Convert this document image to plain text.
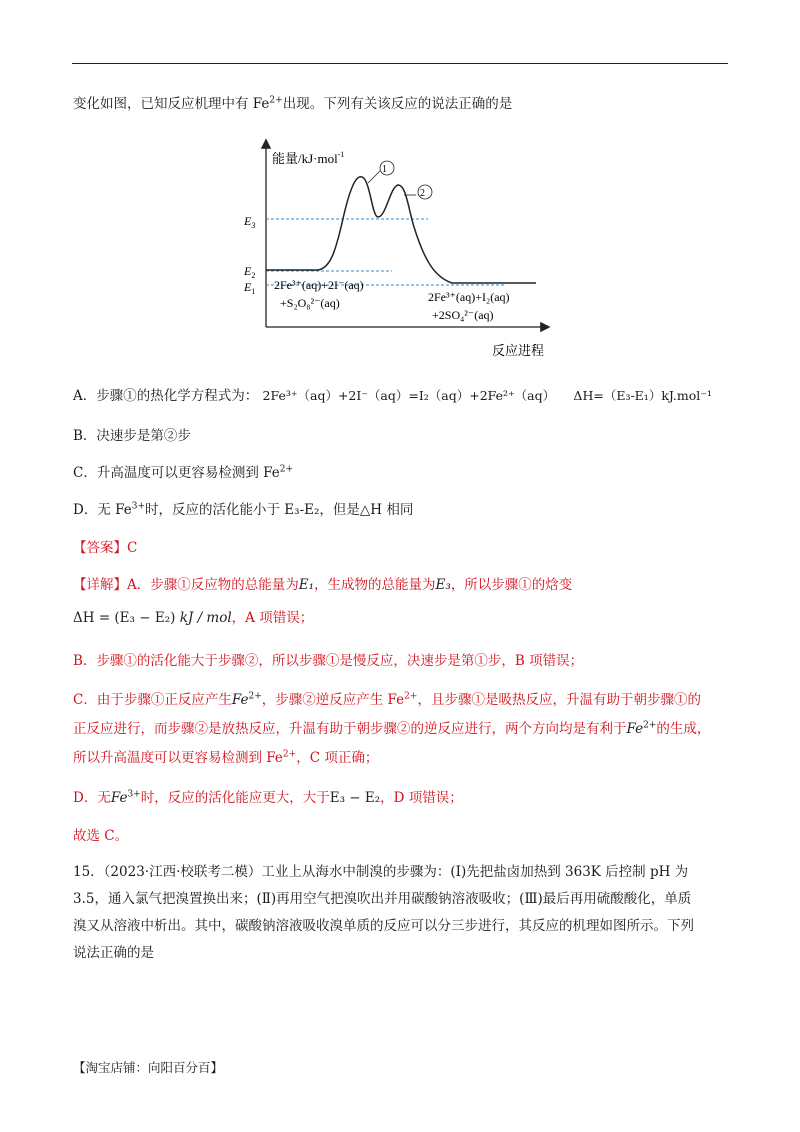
变化如图，已知反应机理中有 $Fe^{2+}$出现。下列有关该反应的说法正确的是
能量/kJ·mol$^{-1}$
反应进程
$E_3$
$E_2$
$E_1$
1
2
2Fe³⁺(aq)+2I⁻(aq)
+S₂O₈²⁻(aq)	2Fe³⁺(aq)+I₂(aq)
+2SO₄²⁻(aq)
A．步骤①的热化学方程式为： 2Fe³⁺（aq）+2I⁻（aq）=I₂（aq）+2Fe²⁺（aq） ΔH=（E₃-E₁）kJ.mol⁻¹
B．决速步是第②步
C．升高温度可以更容易检测到 $Fe^{2+}$
D．无 $Fe^{3+}$时，反应的活化能小于 E₃-E₂，但是△H 相同
【答案】C
【详解】A．步骤①反应物的总能量为E₁，生成物的总能量为E₃，所以步骤①的焓变
ΔH = (E₃ − E₂) kJ / mol，A 项错误；
B．步骤①的活化能大于步骤②，所以步骤①是慢反应，决速步是第①步，B 项错误；
C．由于步骤①正反应产生$Fe^{2+}$，步骤②逆反应产生 $Fe^{2+}$，且步骤①是吸热反应，升温有助于朝步骤①的
正反应进行，而步骤②是放热反应，升温有助于朝步骤②的逆反应进行，两个方向均是有利于$Fe^{2+}$的生成，
所以升高温度可以更容易检测到 $Fe^{2+}$，C 项正确；
D．无$Fe^{3+}$时，反应的活化能应更大，大于E₃ − E₂，D 项错误；
故选 C。
15．（2023·江西·校联考二模）工业上从海水中制溴的步骤为：(Ⅰ)先把盐卤加热到 363K 后控制 pH 为
3.5，通入氯气把溴置换出来；(Ⅱ)再用空气把溴吹出并用碳酸钠溶液吸收；(Ⅲ)最后再用硫酸酸化，单质
溴又从溶液中析出。其中，碳酸钠溶液吸收溴单质的反应可以分三步进行，其反应的机理如图所示。下列
说法正确的是
【淘宝店铺：向阳百分百】
